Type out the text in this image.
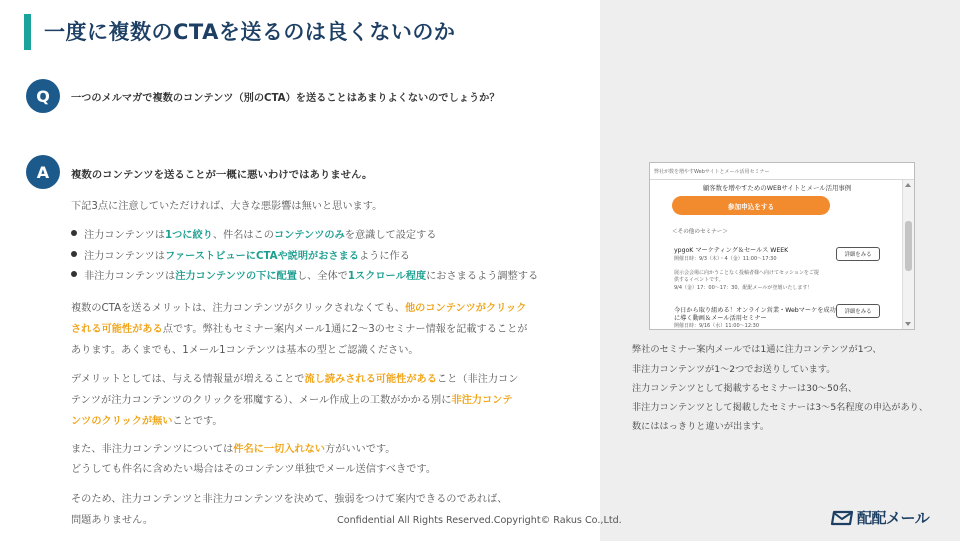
一度に複数のCTAを送るのは良くないのか
Q	一つのメルマガで複数のコンテンツ（別のCTA）を送ることはあまりよくないのでしょうか？
A	複数のコンテンツを送ることが一概に悪いわけではありません。
下記3点に注意していただければ、大きな悪影響は無いと思います。
注力コンテンツは1つに絞り、件名はこのコンテンツのみを意識して設定する
注力コンテンツはファーストビューにCTAや説明がおさまるように作る
非注力コンテンツは注力コンテンツの下に配置し、全体で1スクロール程度におさまるよう調整する
複数のCTAを送るメリットは、注力コンテンツがクリックされなくても、他のコンテンツがクリック
される可能性がある点です。弊社もセミナー案内メール1通に2～3のセミナー情報を記載することが
あります。あくまでも、1メール1コンテンツは基本の型とご認識ください。
デメリットとしては、与える情報量が増えることで流し読みされる可能性があること（非注力コン
テンツが注力コンテンツのクリックを邪魔する）、メール作成上の工数がかかる別に非注力コンテ
ンツのクリックが無いことです。
また、非注力コンテンツについては件名に一切入れない方がいいです。
どうしても件名に含めたい場合はそのコンテンツ単独でメール送信すべきです。
そのため、注力コンテンツと非注力コンテンツを決めて、強弱をつけて案内できるのであれば、
問題ありません。
弊社が数を増やすWebサイトとメール活用セミナー
顧客数を増やすためのWEBサイトとメール活用事例
参加申込をする
＜その他のセミナー＞
ypgoK マーケティング＆セールス WEEK
開催日時：9/3（木）・4（金）11:00～17:30
展示会会場に向かうことなく投稿者様へ向けてセッションをご提
供するイベントです。
9/4（金）17：00～17：30、配配メールが登壇いたします！
詳細をみる
今日から取り組める！オンライン営業・Webマーケを成功
に導く動画＆メール活用セミナー
開催日時：9/16（水）11:00～12:30
詳細をみる
弊社のセミナー案内メールでは1通に注力コンテンツが1つ、
非注力コンテンツが1～2つでお送りしています。
注力コンテンツとして掲載するセミナーは30～50名、
非注力コンテンツとして掲載したセミナーは3～5名程度の申込があり、
数にははっきりと違いが出ます。
Confidential All Rights Reserved.Copyright© Rakus Co.,Ltd.	配配メール
